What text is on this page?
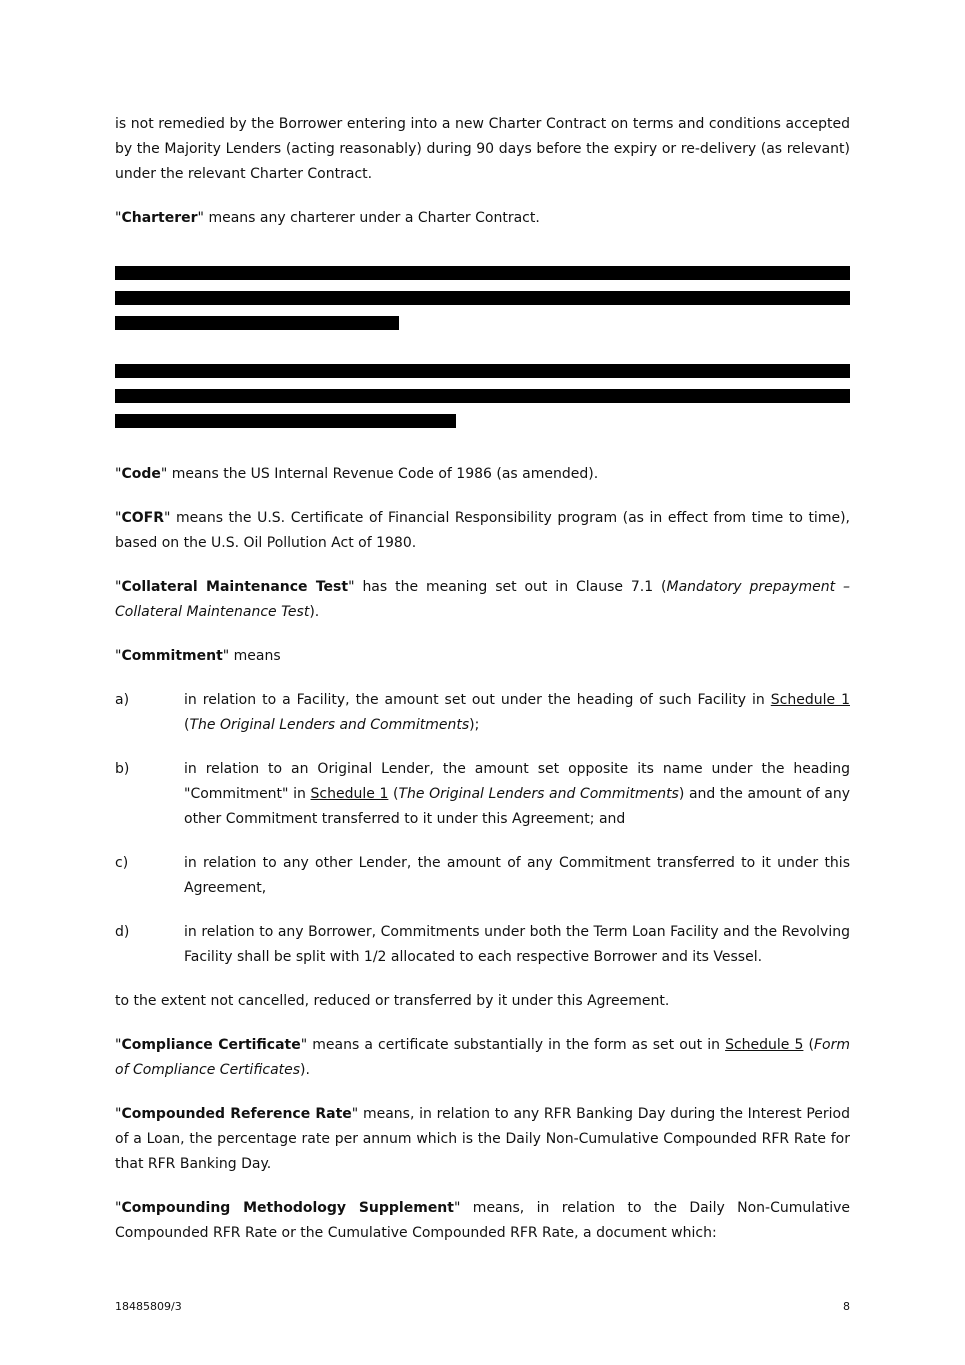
is not remedied by the Borrower entering into a new Charter Contract on terms and conditions accepted by the Majority Lenders (acting reasonably) during 90 days before the expiry or re-delivery (as relevant) under the relevant Charter Contract.

"Charterer" means any charterer under a Charter Contract.

"Code" means the US Internal Revenue Code of 1986 (as amended).

"COFR" means the U.S. Certificate of Financial Responsibility program (as in effect from time to time), based on the U.S. Oil Pollution Act of 1980.

"Collateral Maintenance Test" has the meaning set out in Clause 7.1 (Mandatory prepayment – Collateral Maintenance Test).

"Commitment" means

a)	in relation to a Facility, the amount set out under the heading of such Facility in Schedule 1 (The Original Lenders and Commitments);
b)	in relation to an Original Lender, the amount set opposite its name under the heading "Commitment" in Schedule 1 (The Original Lenders and Commitments) and the amount of any other Commitment transferred to it under this Agreement; and
c)	in relation to any other Lender, the amount of any Commitment transferred to it under this Agreement,
d)	in relation to any Borrower, Commitments under both the Term Loan Facility and the Revolving Facility shall be split with 1/2 allocated to each respective Borrower and its Vessel.

to the extent not cancelled, reduced or transferred by it under this Agreement.

"Compliance Certificate" means a certificate substantially in the form as set out in Schedule 5 (Form of Compliance Certificates).

"Compounded Reference Rate" means, in relation to any RFR Banking Day during the Interest Period of a Loan, the percentage rate per annum which is the Daily Non-Cumulative Compounded RFR Rate for that RFR Banking Day.

"Compounding Methodology Supplement" means, in relation to the Daily Non-Cumulative Compounded RFR Rate or the Cumulative Compounded RFR Rate, a document which:

18485809/3	8
